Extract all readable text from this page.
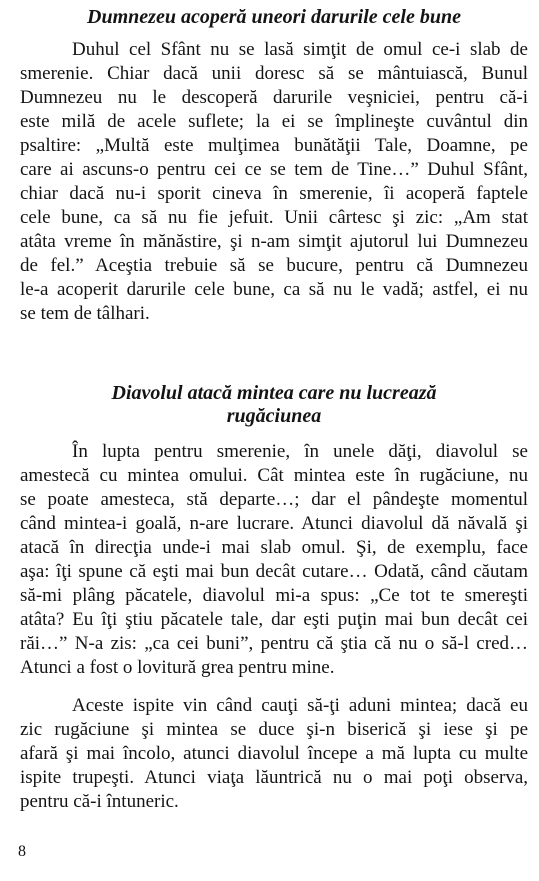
Dumnezeu acoperă uneori darurile cele bune

Duhul cel Sfânt nu se lasă simţit de omul ce-i slab de

smerenie. Chiar dacă unii doresc să se mântuiască, Bunul

Dumnezeu nu le descoperă darurile veşniciei, pentru că-i

este milă de acele suflete; la ei se împlineşte cuvântul din

psaltire: „Multă este mulţimea bunătăţii Tale, Doamne, pe

care ai ascuns-o pentru cei ce se tem de Tine…” Duhul Sfânt,

chiar dacă nu-i sporit cineva în smerenie, îi acoperă faptele

cele bune, ca să nu fie jefuit. Unii cârtesc şi zic: „Am stat

atâta vreme în mănăstire, şi n-am simţit ajutorul lui Dumnezeu

de fel.” Aceştia trebuie să se bucure, pentru că Dumnezeu

le-a acoperit darurile cele bune, ca să nu le vadă; astfel, ei nu

se tem de tâlhari.

Diavolul atacă mintea care nu lucrează
rugăciunea

În lupta pentru smerenie, în unele dăţi, diavolul se

amestecă cu mintea omului. Cât mintea este în rugăciune, nu

se poate amesteca, stă departe…; dar el pândeşte momentul

când mintea-i goală, n-are lucrare. Atunci diavolul dă năvală şi

atacă în direcţia unde-i mai slab omul. Şi, de exemplu, face

aşa: îţi spune că eşti mai bun decât cutare… Odată, când căutam

să-mi plâng păcatele, diavolul mi-a spus: „Ce tot te smereşti

atâta? Eu îţi ştiu păcatele tale, dar eşti puţin mai bun decât cei

răi…” N-a zis: „ca cei buni”, pentru că ştia că nu o să-l cred…

Atunci a fost o lovitură grea pentru mine.

Aceste ispite vin când cauţi să-ţi aduni mintea; dacă eu

zic rugăciune şi mintea se duce şi-n biserică şi iese şi pe

afară şi mai încolo, atunci diavolul începe a mă lupta cu multe

ispite trupeşti. Atunci viaţa lăuntrică nu o mai poţi observa,

pentru că-i întuneric.

8
